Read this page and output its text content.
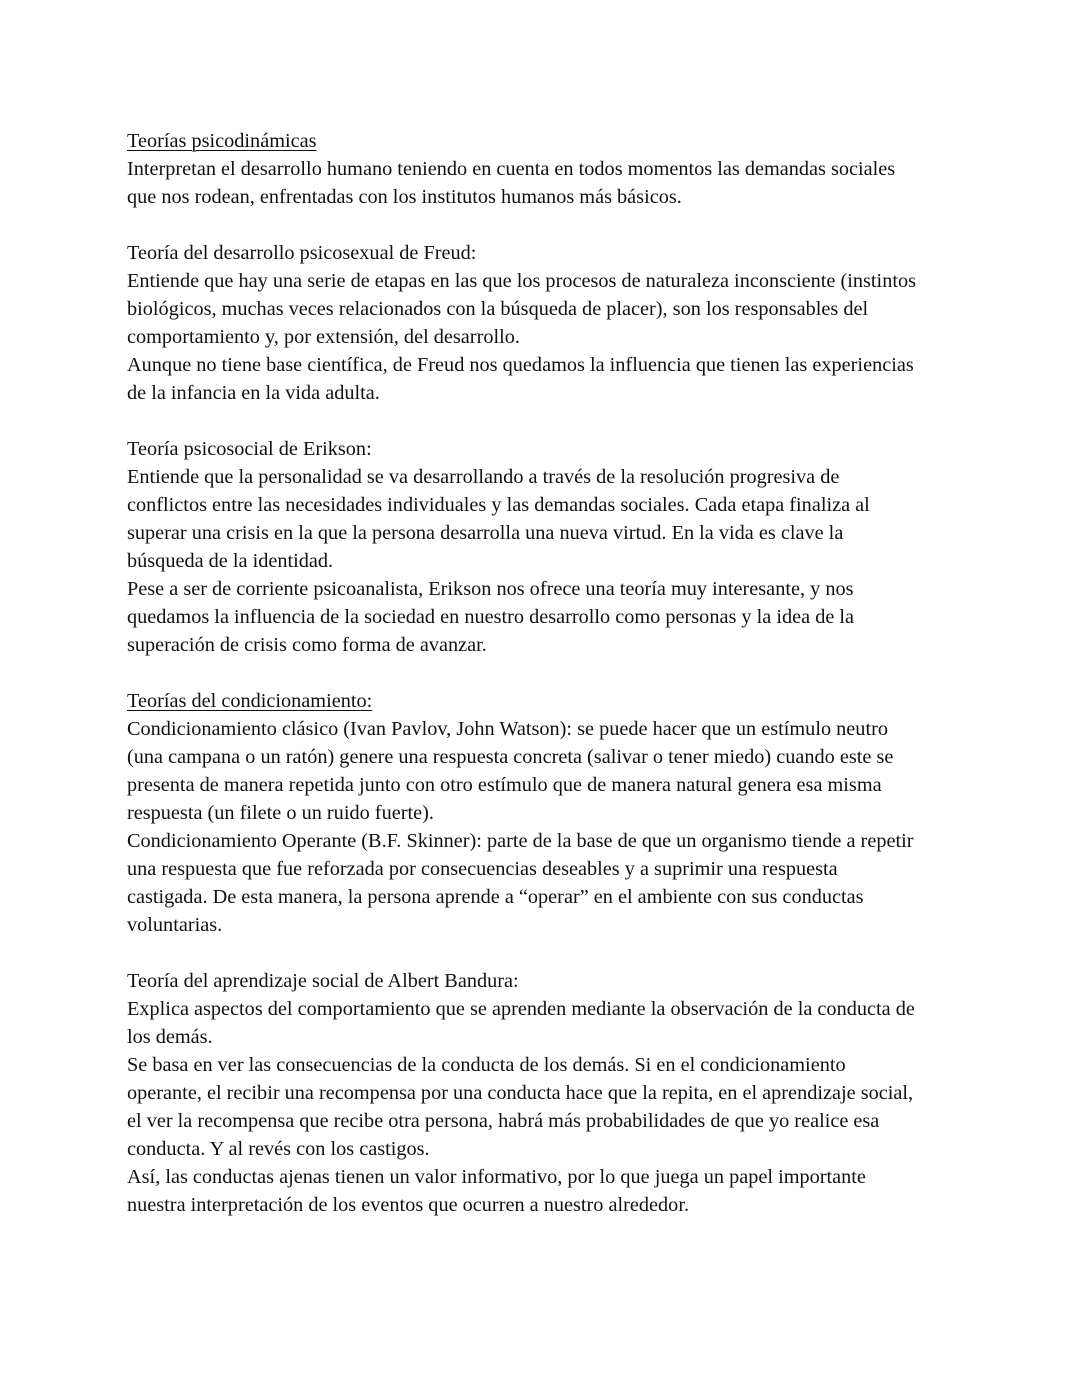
Teorías psicodinámicas
Interpretan el desarrollo humano teniendo en cuenta en todos momentos las demandas sociales
que nos rodean, enfrentadas con los institutos humanos más básicos.
Teoría del desarrollo psicosexual de Freud:
Entiende que hay una serie de etapas en las que los procesos de naturaleza inconsciente (instintos
biológicos, muchas veces relacionados con la búsqueda de placer), son los responsables del
comportamiento y, por extensión, del desarrollo.
Aunque no tiene base científica, de Freud nos quedamos la influencia que tienen las experiencias
de la infancia en la vida adulta.
Teoría psicosocial de Erikson:
Entiende que la personalidad se va desarrollando a través de la resolución progresiva de
conflictos entre las necesidades individuales y las demandas sociales. Cada etapa finaliza al
superar una crisis en la que la persona desarrolla una nueva virtud. En la vida es clave la
búsqueda de la identidad.
Pese a ser de corriente psicoanalista, Erikson nos ofrece una teoría muy interesante, y nos
quedamos la influencia de la sociedad en nuestro desarrollo como personas y la idea de la
superación de crisis como forma de avanzar.
Teorías del condicionamiento:
Condicionamiento clásico (Ivan Pavlov, John Watson): se puede hacer que un estímulo neutro
(una campana o un ratón) genere una respuesta concreta (salivar o tener miedo) cuando este se
presenta de manera repetida junto con otro estímulo que de manera natural genera esa misma
respuesta (un filete o un ruido fuerte).
Condicionamiento Operante (B.F. Skinner): parte de la base de que un organismo tiende a repetir
una respuesta que fue reforzada por consecuencias deseables y a suprimir una respuesta
castigada. De esta manera, la persona aprende a “operar” en el ambiente con sus conductas
voluntarias.
Teoría del aprendizaje social de Albert Bandura:
Explica aspectos del comportamiento que se aprenden mediante la observación de la conducta de
los demás.
Se basa en ver las consecuencias de la conducta de los demás. Si en el condicionamiento
operante, el recibir una recompensa por una conducta hace que la repita, en el aprendizaje social,
el ver la recompensa que recibe otra persona, habrá más probabilidades de que yo realice esa
conducta. Y al revés con los castigos.
Así, las conductas ajenas tienen un valor informativo, por lo que juega un papel importante
nuestra interpretación de los eventos que ocurren a nuestro alrededor.
